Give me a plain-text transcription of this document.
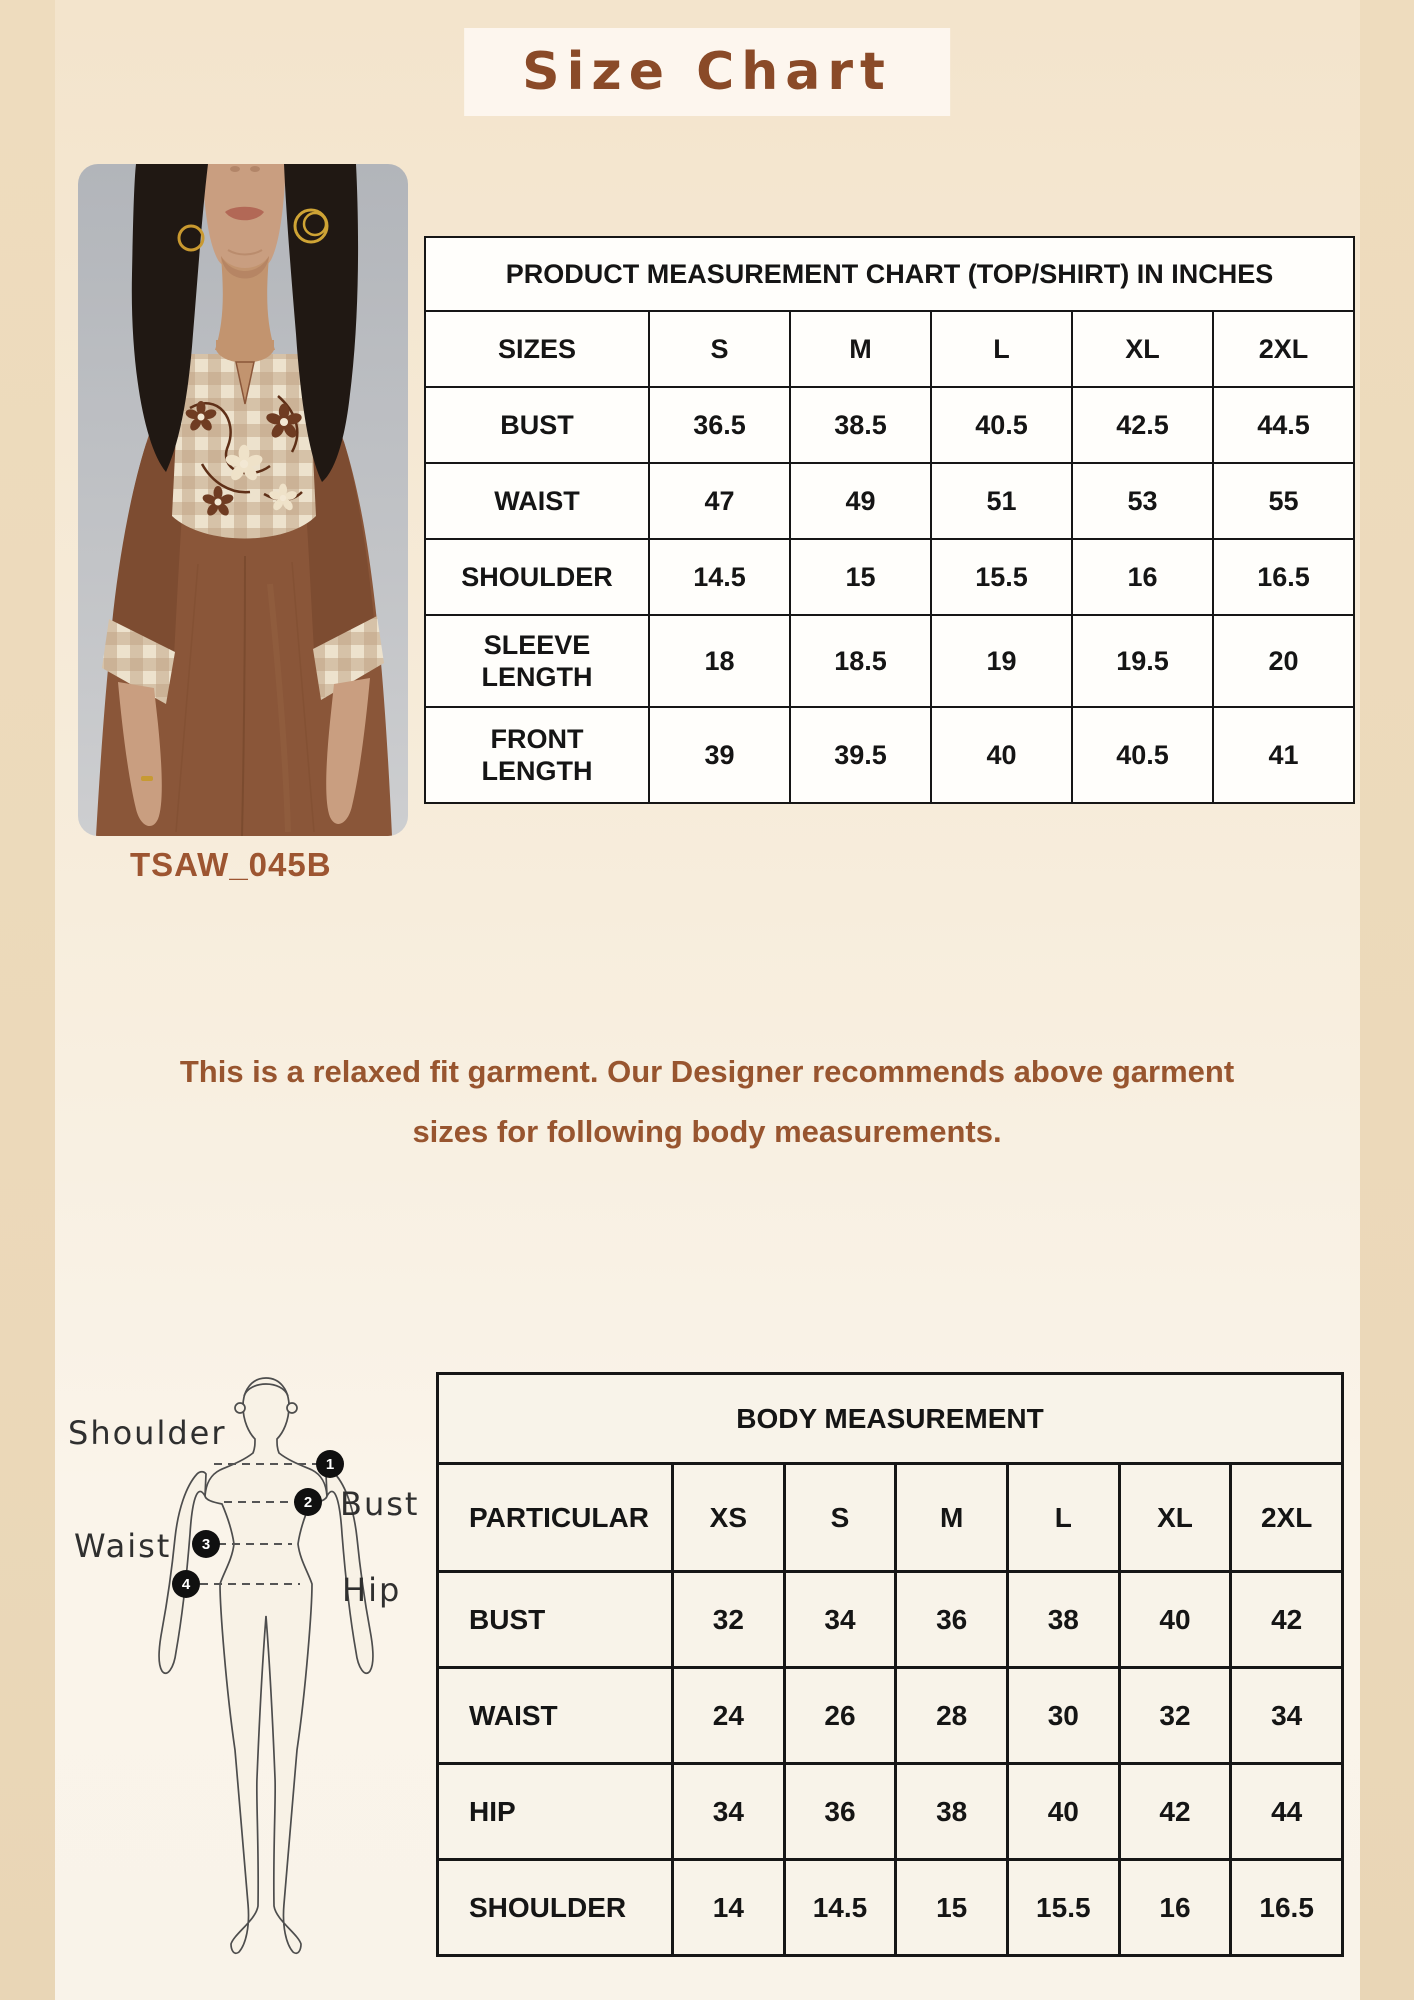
Size Chart
TSAW_045B
PRODUCT MEASUREMENT CHART (TOP/SHIRT) IN INCHES					
SIZES	S	M	L	XL	2XL
BUST	36.5	38.5	40.5	42.5	44.5
WAIST	47	49	51	53	55
SHOULDER	14.5	15	15.5	16	16.5
SLEEVE
LENGTH	18	18.5	19	19.5	20
FRONT
LENGTH	39	39.5	40	40.5	41

This is a relaxed fit garment. Our Designer recommends above garment
sizes for following body measurements.

1
2
3
4
Shoulder
Bust
Waist
Hip
BODY MEASUREMENT						
PARTICULAR	XS	S	M	L	XL	2XL
BUST	32	34	36	38	40	42
WAIST	24	26	28	30	32	34
HIP	34	36	38	40	42	44
SHOULDER	14	14.5	15	15.5	16	16.5
